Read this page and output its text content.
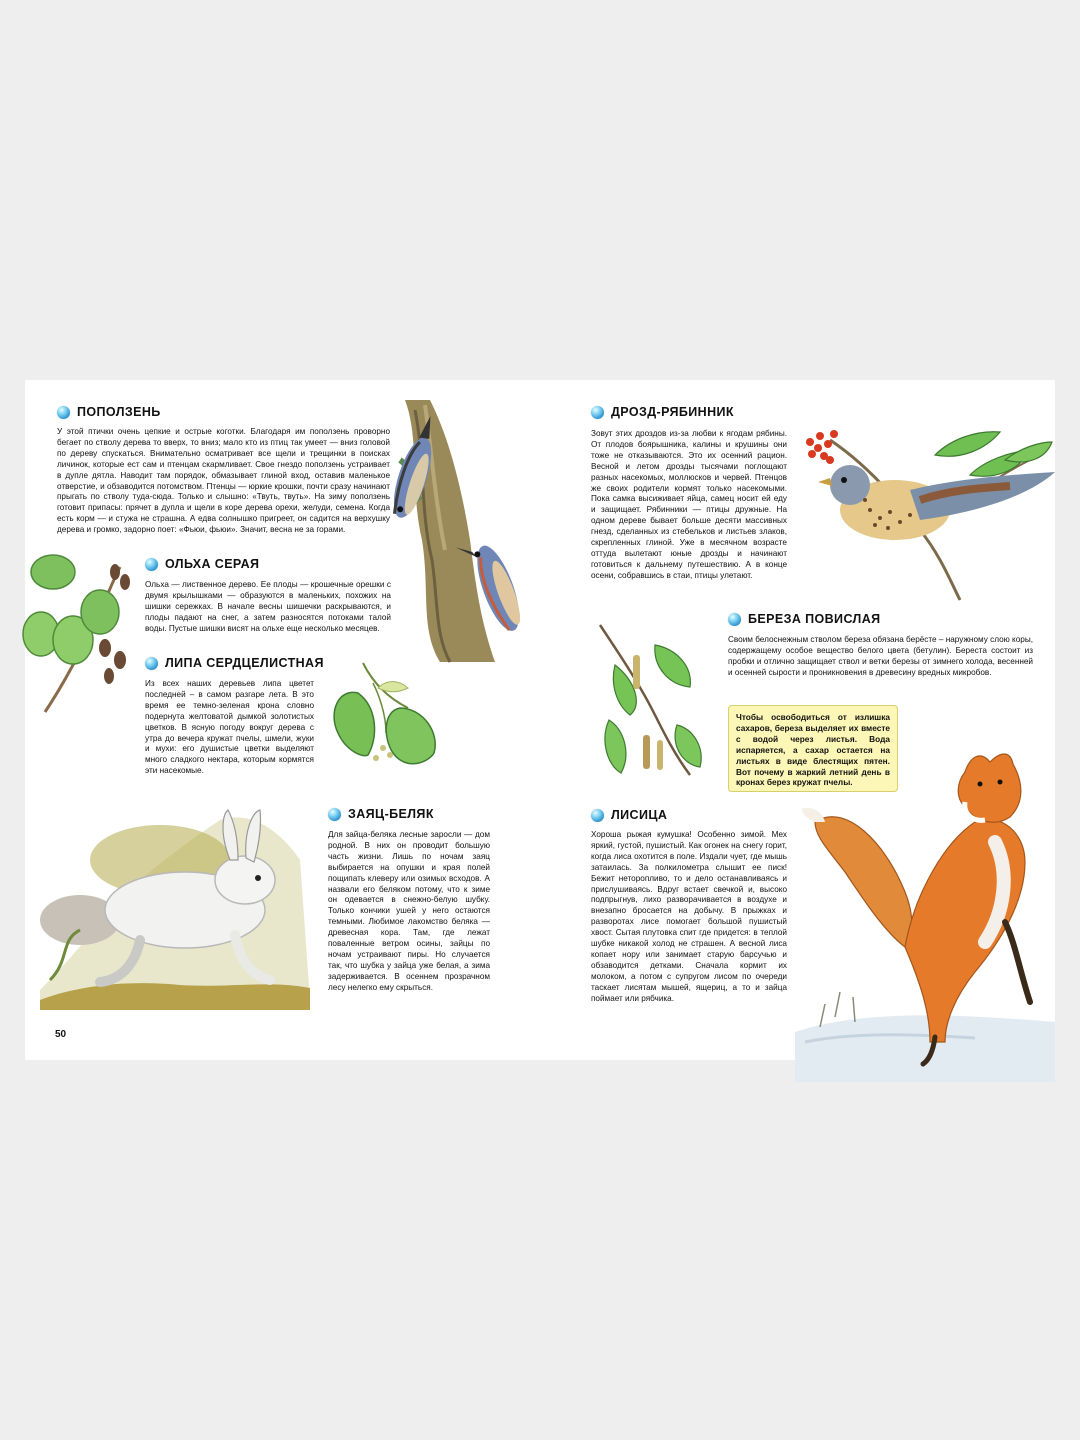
ПОПОЛЗЕНЬ

У этой птички очень цепкие и острые коготки. Благодаря им поползень проворно бегает по стволу дерева то вверх, то вниз; мало кто из птиц так умеет — вниз головой по дереву спускаться. Внимательно осматривает все щели и трещинки в поисках личинок, которые ест сам и птенцам скармливает. Свое гнездо поползень устраивает в дупле дятла. Наводит там порядок, обмазывает глиной вход, оставив маленькое отверстие, и обзаводится потомством. Птенцы — юркие крошки, почти сразу начинают прыгать по стволу туда-сюда. Только и слышно: «Твуть, твуть». На зиму поползень готовит припасы: прячет в дупла и щели в коре дерева орехи, желуди, семена. Когда есть корм — и стужа не страшна. А едва солнышко пригреет, он садится на верхушку дерева и громко, задорно поет: «Фьюи, фьюи». Значит, весна не за горами.

ОЛЬХА СЕРАЯ

Ольха — лиственное дерево. Ее плоды — крошечные орешки с двумя крылышками — образуются в маленьких, похожих на шишки сережках. В начале весны шишечки раскрываются, и плоды падают на снег, а затем разносятся потоками талой воды. Пустые шишки висят на ольхе еще несколько месяцев.

ЛИПА СЕРДЦЕЛИСТНАЯ

Из всех наших деревьев липа цветет последней – в самом разгаре лета. В это время ее темно-зеленая крона словно подернута желтоватой дымкой золотистых цветков. В ясную погоду вокруг дерева с утра до вечера кружат пчелы, шмели, жуки и мухи: его душистые цветки выделяют много сладкого нектара, которым кормятся эти насекомые.

ЗАЯЦ-БЕЛЯК

Для зайца-беляка лесные заросли — дом родной. В них он проводит большую часть жизни. Лишь по ночам заяц выбирается на опушки и края полей пощипать клеверу или озимых всходов. А назвали его беляком потому, что к зиме он одевается в снежно-белую шубку. Только кончики ушей у него остаются темными. Любимое лакомство беляка — древесная кора. Там, где лежат поваленные ветром осины, зайцы по ночам устраивают пиры. Но случается так, что шубка у зайца уже белая, а зима задерживается. В осеннем прозрачном лесу нелегко ему скрыться.

50
ДРОЗД-РЯБИННИК

Зовут этих дроздов из-за любви к ягодам рябины. От плодов боярышника, калины и крушины они тоже не отказываются. Это их осенний рацион. Весной и летом дрозды тысячами поглощают разных насекомых, моллюсков и червей. Птенцов же своих родители кормят только насекомыми. Пока самка высиживает яйца, самец носит ей еду и защищает. Рябинники — птицы дружные. На одном дереве бывает больше десяти массивных гнезд, сделанных из стебельков и листьев злаков, скрепленных глиной. Уже в месячном возрасте оттуда вылетают юные дрозды и начинают готовиться к дальнему путешествию. А в конце осени, собравшись в стаи, птицы улетают.

БЕРЕЗА ПОВИСЛАЯ

Своим белоснежным стволом береза обязана берёсте – наружному слою коры, содержащему особое вещество белого цвета (бетулин). Береста состоит из пробки и отлично защищает ствол и ветки березы от зимнего холода, весенней и осенней сырости и проникновения в древесину вредных микробов.

Чтобы освободиться от излишка сахаров, береза выделяет их вместе с водой через листья. Вода испаряется, а сахар остается на листьях в виде блестящих пятен. Вот почему в жаркий летний день в кронах берез кружат пчелы.
ЛИСИЦА

Хороша рыжая кумушка! Особенно зимой. Мех яркий, густой, пушистый. Как огонек на снегу горит, когда лиса охотится в поле. Издали чует, где мышь затаилась. За полкилометра слышит ее писк! Бежит неторопливо, то и дело останавливаясь и прислушиваясь. Вдруг встает свечкой и, высоко подпрыгнув, лихо разворачивается в воздухе и внезапно бросается на добычу. В прыжках и разворотах лисе помогает большой пушистый хвост. Сытая плутовка спит где придется: в теплой шубке никакой холод не страшен. А весной лиса копает нору или занимает старую барсучью и обзаводится детками. Сначала кормит их молоком, а потом с супругом лисом по очереди таскает лисятам мышей, ящериц, а то и зайца поймает или рябчика.
